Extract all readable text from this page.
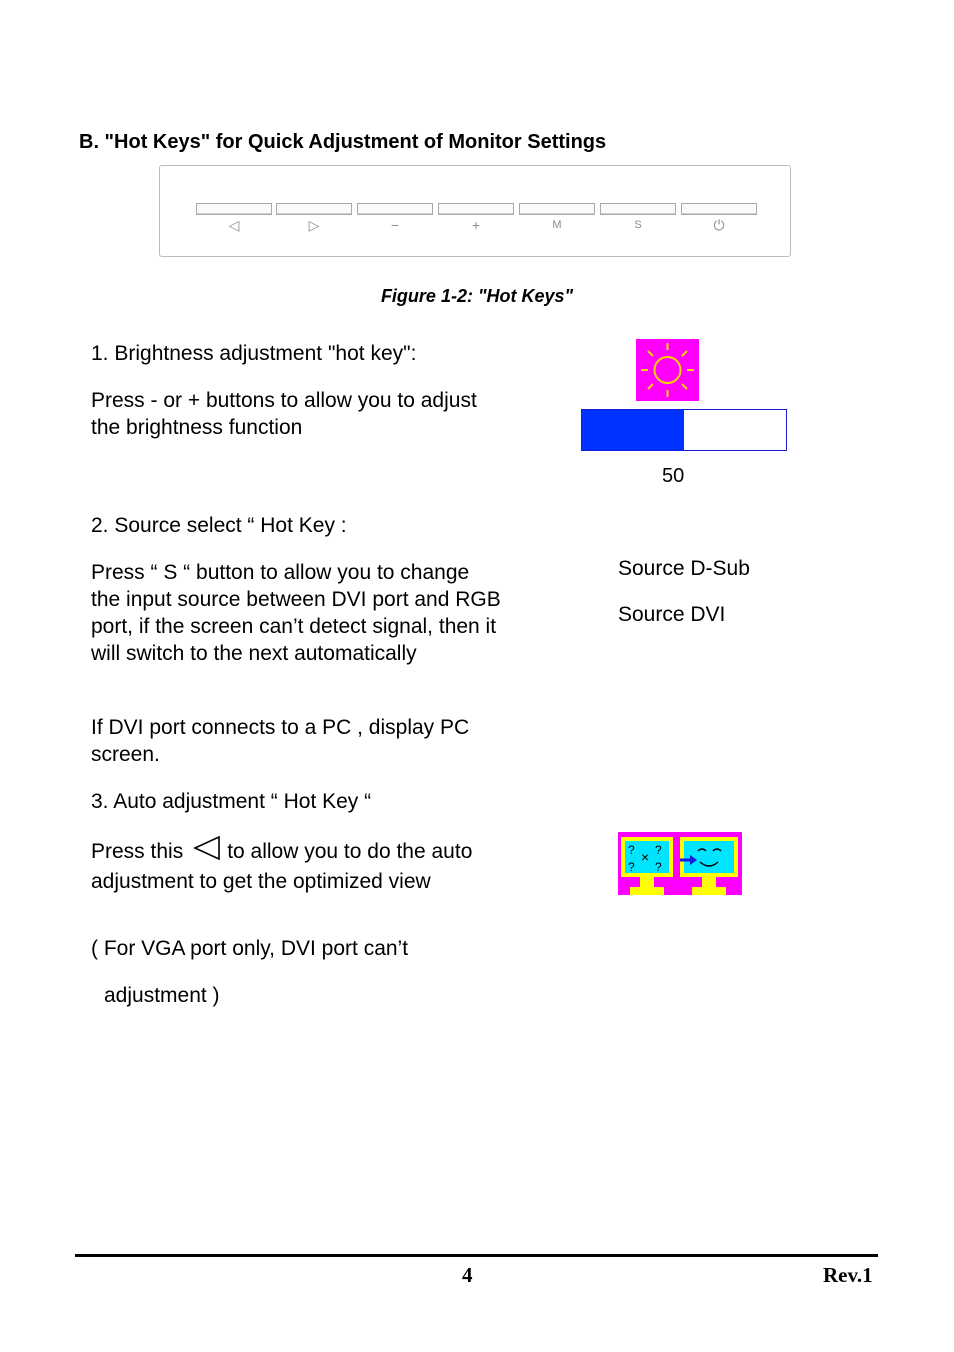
B. "Hot Keys" for Quick Adjustment of Monitor Settings
◁	▷	−	+	M	S	⏻
Figure 1-2: "Hot Keys"
1. Brightness adjustment "hot key":
Press - or + buttons to allow you to adjust the brightness function
50
2. Source select “ Hot Key :
Press “ S “ button to allow you to change the input source between DVI port and RGB port, if the screen can’t detect signal, then it will switch to the next automatically
If DVI port connects to a PC , display PC screen.
Source D-Sub
Source DVI
3. Auto adjustment “ Hot Key “
Press this to allow you to do the auto adjustment to get the optimized view
( For VGA port only, DVI port can’t
adjustment )
? ?
×
? ?
4	Rev.1
